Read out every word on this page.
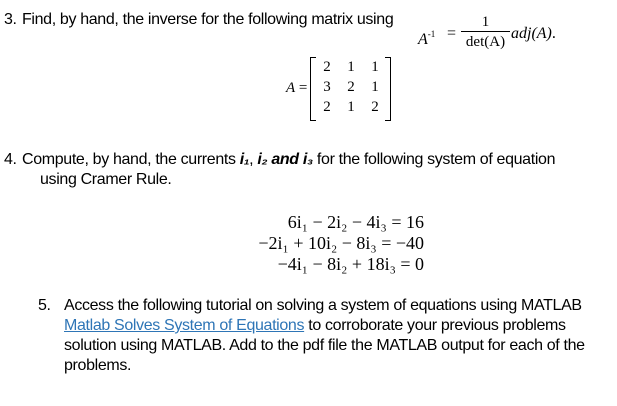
3. Find, by hand, the inverse for the following matrix using
$A^{-1}$ =
1
det(A) adj(A).
A =
2 1 1
3 2 1
2 1 2
4. Compute, by hand, the currents i₁, i₂ and i₃ for the following system of equation
using Cramer Rule.
6i₁ − 2i₂ − 4i₃ = 16
−2i₁ + 10i₂ − 8i₃ = −40
−4i₁ − 8i₂ + 18i₃ = 0
5. Access the following tutorial on solving a system of equations using MATLAB
Matlab Solves System of Equations to corroborate your previous problems
solution using MATLAB. Add to the pdf file the MATLAB output for each of the
problems.
